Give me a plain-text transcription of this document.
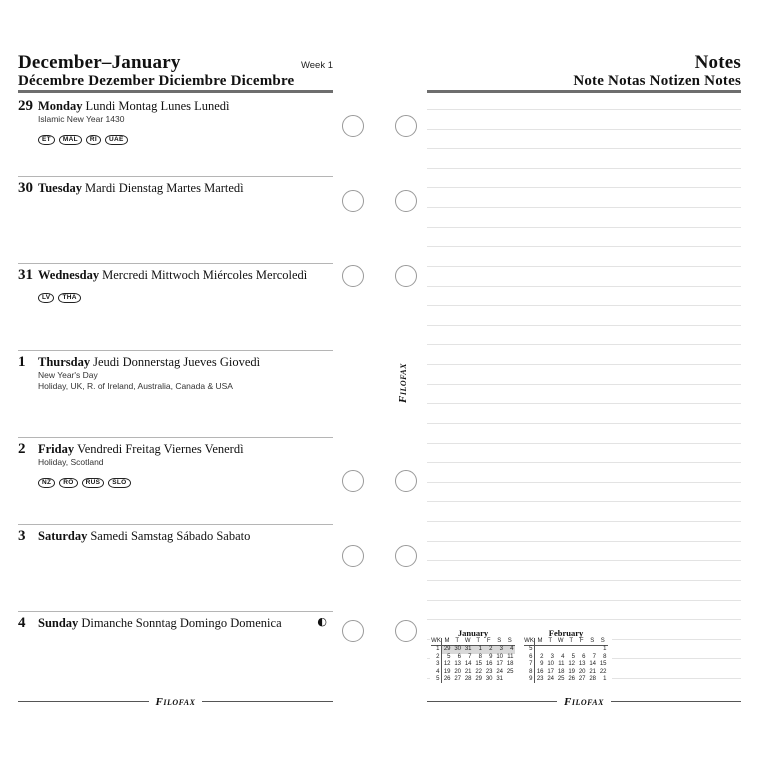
December–January	Week 1
Décembre Dezember Diciembre Dicembre
29 Monday Lundi Montag Lunes Lunedì
Islamic New Year 1430
ET MAL RI UAE
30 Tuesday Mardi Dienstag Martes Martedì
31 Wednesday Mercredi Mittwoch Miércoles Mercoledì
LV THA
1 Thursday Jeudi Donnerstag Jueves Giovedì
New Year's Day
Holiday, UK, R. of Ireland, Australia, Canada & USA
2 Friday Vendredi Freitag Viernes Venerdì
Holiday, Scotland
NZ RO RUS SLO
3 Saturday Samedi Samstag Sábado Sabato
4 Sunday Dimanche Sonntag Domingo Domenica	◐
filofax
Notes
Note Notas Notizen Notes
January
WK	M	T	W	T	F	S	S
1	29	30	31	1	2	3	4
2	5	6	7	8	9	10	11
3	12	13	14	15	16	17	18
4	19	20	21	22	23	24	25
5	26	27	28	29	30	31	
February
WK	M	T	W	T	F	S	S
5							1
6	2	3	4	5	6	7	8
7	9	10	11	12	13	14	15
8	16	17	18	19	20	21	22
9	23	24	25	26	27	28	1
filofax
filofax
